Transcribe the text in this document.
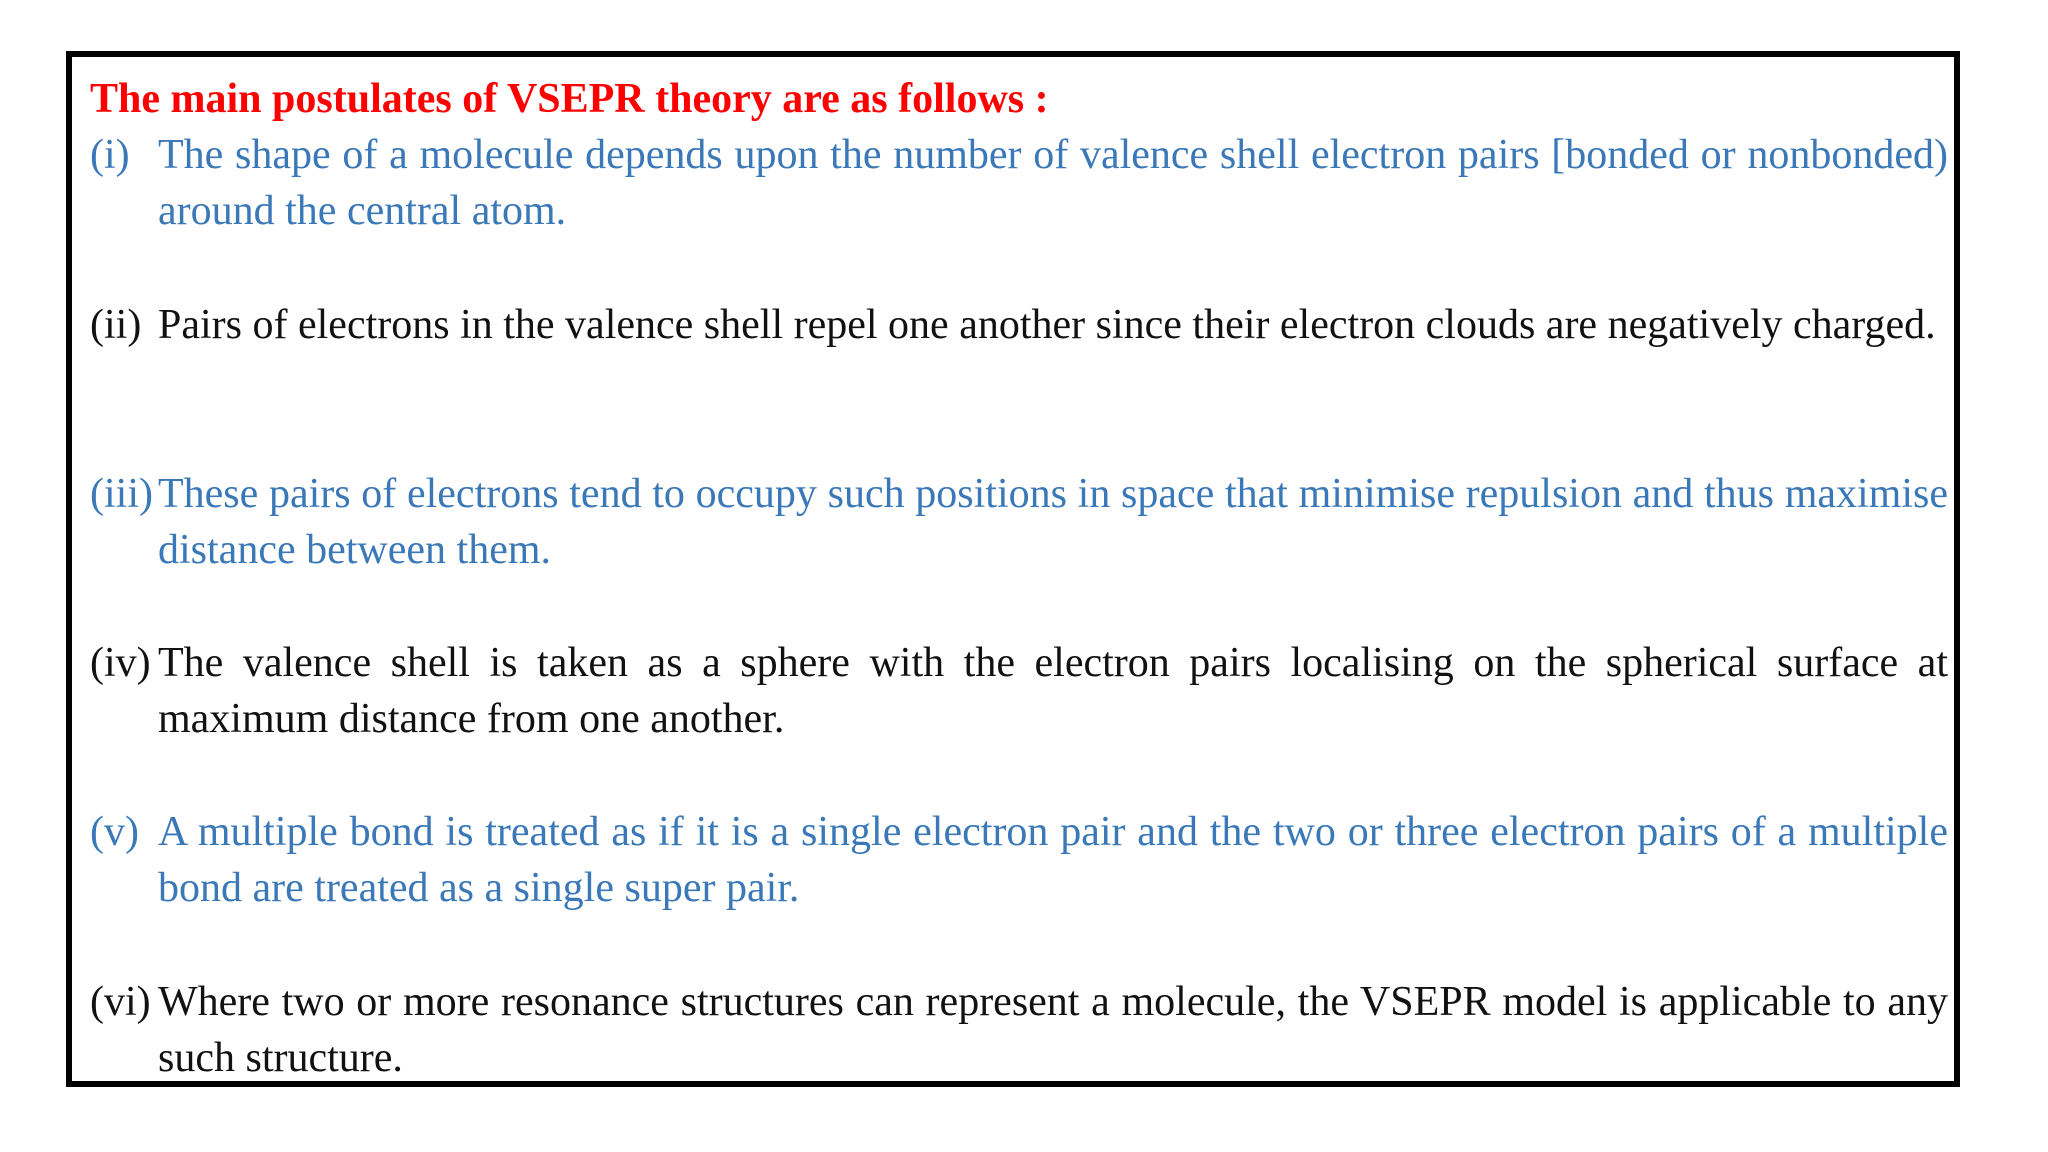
The main postulates of VSEPR theory are as follows :
(i) The shape of a molecule depends upon the number of valence shell electron pairs [bonded or nonbonded) around the central atom.
(ii) Pairs of electrons in the valence shell repel one another since their electron clouds are negatively charged.
(iii) These pairs of electrons tend to occupy such positions in space that minimise repulsion and thus maximise distance between them.
(iv) The valence shell is taken as a sphere with the electron pairs localising on the spherical surface at maximum distance from one another.
(v) A multiple bond is treated as if it is a single electron pair and the two or three electron pairs of a multiple bond are treated as a single super pair.
(vi) Where two or more resonance structures can represent a molecule, the VSEPR model is applicable to any such structure.
